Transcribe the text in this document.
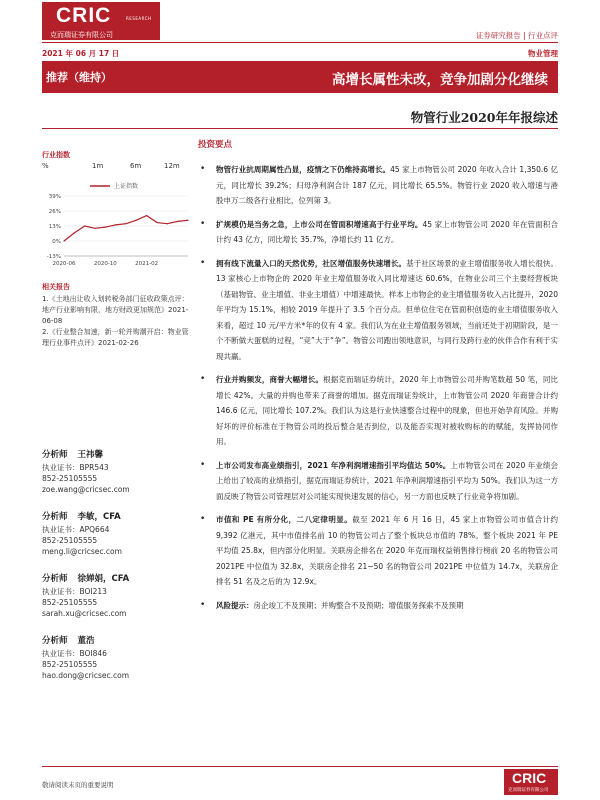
CRIC	RESEARCH
克而瑞证券有限公司	证券研究报告 | 行业点评
2021 年 06 月 17 日	物业管理
推荐（维持）	高增长属性未改，竞争加剧分化继续
物管行业2020年年报综述
行业指数
%	1m	6m	12m
上证指数
39%
26%
13%
0%
-13%
2020-06	2020-10	2021-02
相关报告
1.《土地出让收入划转税务部门征收政策点评：地产行业影响有限，地方财政更加规范》2021-06-08
2.《行业整合加速，新一轮并购潮开启：物业管理行业事件点评》2021-02-26
分析师 王祎馨
执业证书：BPR543
852-25105555
zoe.wang@cricsec.com
分析师 李敏，CFA
执业证书：APQ664
852-25105555
meng.li@cricsec.com
分析师 徐婵娟，CFA
执业证书：BOI213
852-25105555
sarah.xu@cricsec.com
分析师 董浩
执业证书：BOI846
852-25105555
hao.dong@cricsec.com
投资要点
• 物管行业抗周期属性凸显，疫情之下仍维持高增长。45 家上市物管公司 2020 年收入合计 1,350.6 亿元，同比增长 39.2%；归母净利润合计 187 亿元，同比增长 65.5%。物管行业 2020 收入增速与港股申万二级各行业相比，位列第 3。
• 扩规模仍是当务之急，上市公司在管面积增速高于行业平均。45 家上市物管公司 2020 年在管面积合计约 43 亿方，同比增长 35.7%，净增长约 11 亿方。
• 拥有线下流量入口的天然优势，社区增值服务快速增长。基于社区场景的业主增值服务收入增长很快。13 家核心上市物企的 2020 年业主增值服务收入同比增速达 60.6%，在物业公司三个主要经营板块（基础物管、业主增值、非业主增值）中增速最快。样本上市物企的业主增值服务收入占比提升，2020 年平均为 15.1%，相较 2019 年提升了 3.5 个百分点。但单位住宅在管面积创造的业主增值服务收入来看，超过 10 元/平方米*年的仅有 4 家。我们认为在业主增值服务领域，当前还处于初期阶段，是一个不断做大蛋糕的过程，“竞”大于“争”。物管公司跑出领地意识，与同行及跨行业的伙伴合作有利于实现共赢。
• 行业并购频发，商誉大幅增长。根据克而瑞证券统计，2020 年上市物管公司并购笔数超 50 笔，同比增长 42%。大量的并购也带来了商誉的增加。据克而瑞证券统计，上市物管公司 2020 年商誉合计约 146.6 亿元，同比增长 107.2%。我们认为这是行业快速整合过程中的现象，但也开始孕育风险。并购好坏的评价标准在于物管公司的投后整合是否到位，以及能否实现对被收购标的的赋能，发挥协同作用。
• 上市公司发布高业绩指引，2021 年净利润增速指引平均值达 50%。上市物管公司在 2020 年业绩会上给出了较高的业绩指引，据克而瑞证券统计，2021 年净利润增速指引平均为 50%。我们认为这一方面反映了物管公司管理层对公司能实现快速发展的信心，另一方面也反映了行业竞争将加剧。
• 市值和 PE 有所分化，二八定律明显。截至 2021 年 6 月 16 日，45 家上市物管公司市值合计约 9,392 亿港元，其中市值排名前 10 的物管公司占了整个板块总市值的 78%。整个板块 2021 年 PE 平均值 25.8x，但内部分化明显。关联房企排名在 2020 年克而瑞权益销售排行榜前 20 名的物管公司 2021PE 中位值为 32.8x，关联房企排名 21~50 名的物管公司 2021PE 中位值为 14.7x，关联房企排名 51 名及之后的为 12.9x。
• 风险提示：房企竣工不及预期；并购整合不及预期；增值服务探索不及预期
敬请阅读末页的重要说明	CRIC
克而瑞证券有限公司
